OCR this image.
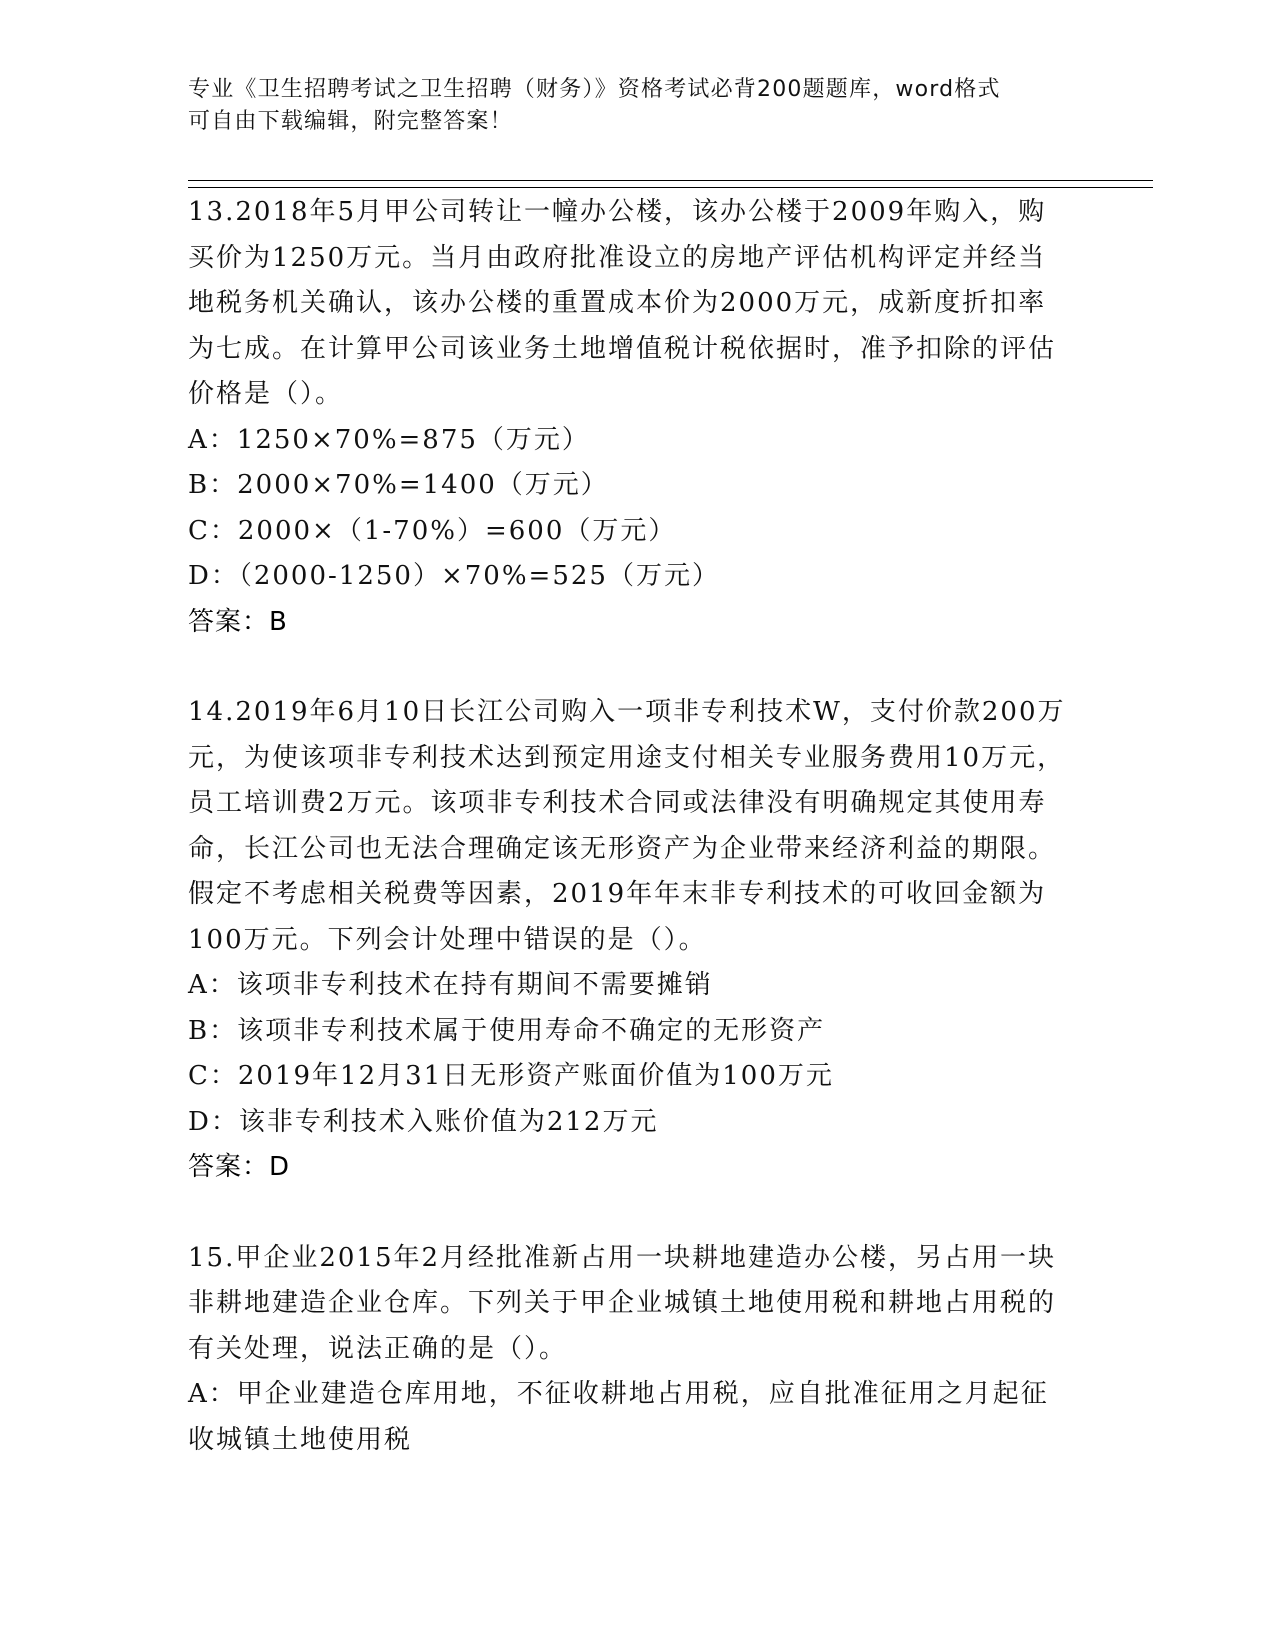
专业《卫生招聘考试之卫生招聘（财务）》资格考试必背200题题库，word格式
可自由下载编辑，附完整答案！

13.2018年5月甲公司转让一幢办公楼，该办公楼于2009年购入，购买价为1250万元。当月由政府批准设立的房地产评估机构评定并经当地税务机关确认，该办公楼的重置成本价为2000万元，成新度折扣率为七成。在计算甲公司该业务土地增值税计税依据时，准予扣除的评估价格是（）。

A：1250×70%=875（万元）

B：2000×70%=1400（万元）

C：2000×（1-70%）=600（万元）

D：（2000-1250）×70%=525（万元）

答案：B

14.2019年6月10日长江公司购入一项非专利技术W，支付价款200万元，为使该项非专利技术达到预定用途支付相关专业服务费用10万元，员工培训费2万元。该项非专利技术合同或法律没有明确规定其使用寿命，长江公司也无法合理确定该无形资产为企业带来经济利益的期限。假定不考虑相关税费等因素，2019年年末非专利技术的可收回金额为100万元。下列会计处理中错误的是（）。

A：该项非专利技术在持有期间不需要摊销

B：该项非专利技术属于使用寿命不确定的无形资产

C：2019年12月31日无形资产账面价值为100万元

D：该非专利技术入账价值为212万元

答案：D

15.甲企业2015年2月经批准新占用一块耕地建造办公楼，另占用一块非耕地建造企业仓库。下列关于甲企业城镇土地使用税和耕地占用税的有关处理，说法正确的是（）。

A：甲企业建造仓库用地，不征收耕地占用税，应自批准征用之月起征收城镇土地使用税
